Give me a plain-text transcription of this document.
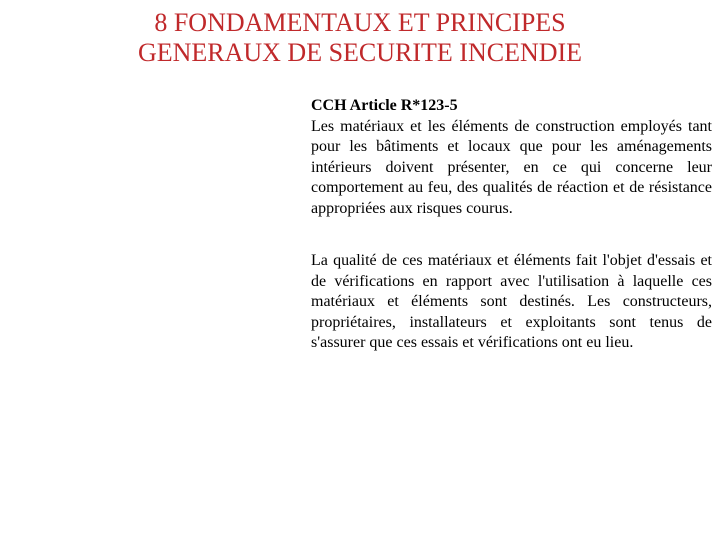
8 FONDAMENTAUX ET PRINCIPES
GENERAUX DE SECURITE INCENDIE

CCH Article R*123-5

Les matériaux et les éléments de construction employés tant pour les bâtiments et locaux que pour les aménagements intérieurs doivent présenter, en ce qui concerne leur comportement au feu, des qualités de réaction et de résistance appropriées aux risques courus.

La qualité de ces matériaux et éléments fait l'objet d'essais et de vérifications en rapport avec l'utilisation à laquelle ces matériaux et éléments sont destinés. Les constructeurs, propriétaires, installateurs et exploitants sont tenus de s'assurer que ces essais et vérifications ont eu lieu.
